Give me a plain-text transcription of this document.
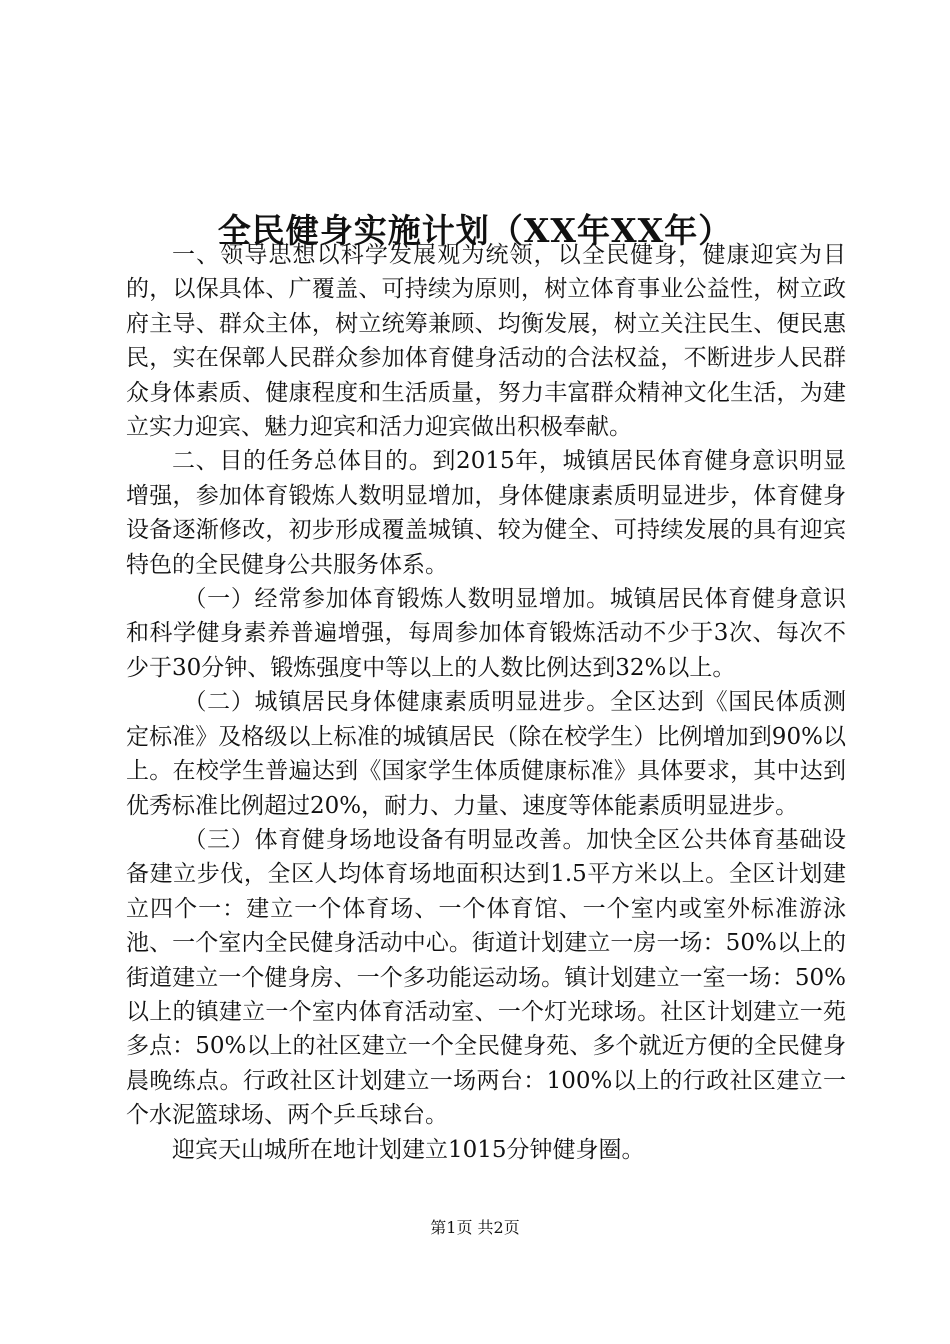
全民健身实施计划（XX年XX年）

一、领导思想以科学发展观为统领，以全民健身，健康迎宾为目的，以保具体、广覆盖、可持续为原则，树立体育事业公益性，树立政府主导、群众主体，树立统筹兼顾、均衡发展，树立关注民生、便民惠民，实在保鄣人民群众参加体育健身活动的合法权益，不断进步人民群众身体素质、健康程度和生活质量，努力丰富群众精神文化生活，为建立实力迎宾、魅力迎宾和活力迎宾做出积极奉献。

二、目的任务总体目的。到2015年，城镇居民体育健身意识明显增强，参加体育锻炼人数明显增加，身体健康素质明显进步，体育健身设备逐渐修改，初步形成覆盖城镇、较为健全、可持续发展的具有迎宾特色的全民健身公共服务体系。

（一）经常参加体育锻炼人数明显增加。城镇居民体育健身意识和科学健身素养普遍增强，每周参加体育锻炼活动不少于3次、每次不少于30分钟、锻炼强度中等以上的人数比例达到32%以上。

（二）城镇居民身体健康素质明显进步。全区达到《国民体质测定标准》及格级以上标准的城镇居民（除在校学生）比例增加到90%以上。在校学生普遍达到《国家学生体质健康标准》具体要求，其中达到优秀标准比例超过20%，耐力、力量、速度等体能素质明显进步。

（三）体育健身场地设备有明显改善。加快全区公共体育基础设备建立步伐，全区人均体育场地面积达到1.5平方米以上。全区计划建立四个一：建立一个体育场、一个体育馆、一个室内或室外标准游泳池、一个室内全民健身活动中心。街道计划建立一房一场：50%以上的街道建立一个健身房、一个多功能运动场。镇计划建立一室一场：50%以上的镇建立一个室内体育活动室、一个灯光球场。社区计划建立一苑多点：50%以上的社区建立一个全民健身苑、多个就近方便的全民健身晨晚练点。行政社区计划建立一场两台：100%以上的行政社区建立一个水泥篮球场、两个乒乓球台。

迎宾天山城所在地计划建立1015分钟健身圈。

第1页 共2页
